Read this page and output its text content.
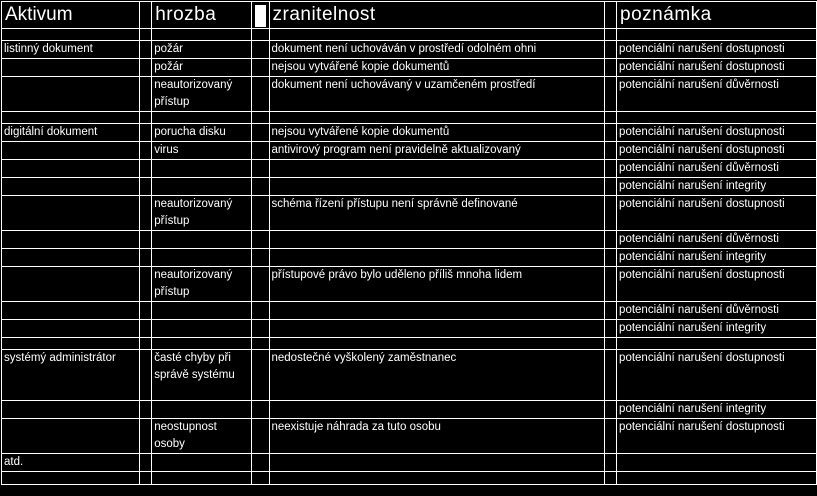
Aktivum		hrozba		zranitelnost		poznámka

listinný dokument		požár		dokument není uchováván v prostředí odolném ohni		potenciální narušení dostupnosti
		požár		nejsou vytvářené kopie dokumentů		potenciální narušení dostupnosti
		neautorizovaný přístup		dokument není uchovávaný v uzamčeném prostředí		potenciální narušení důvěrnosti

digitální dokument		porucha disku		nejsou vytvářené kopie dokumentů		potenciální narušení dostupnosti
		virus		antivirový program není pravidelně aktualizovaný		potenciální narušení dostupnosti
						potenciální narušení důvěrnosti
						potenciální narušení integrity
		neautorizovaný přístup		schéma řízení přístupu není správně definované		potenciální narušení dostupnosti
						potenciální narušení důvěrnosti
						potenciální narušení integrity
		neautorizovaný přístup		přístupové právo bylo uděleno příliš mnoha lidem		potenciální narušení dostupnosti
						potenciální narušení důvěrnosti
						potenciální narušení integrity

systémý administrátor		časté chyby při správě systému		nedostečné vyškolený zaměstnanec		potenciální narušení dostupnosti
						potenciální narušení integrity
		neostupnost osoby		neexistuje náhrada za tuto osobu		potenciální narušení dostupnosti
atd.						
